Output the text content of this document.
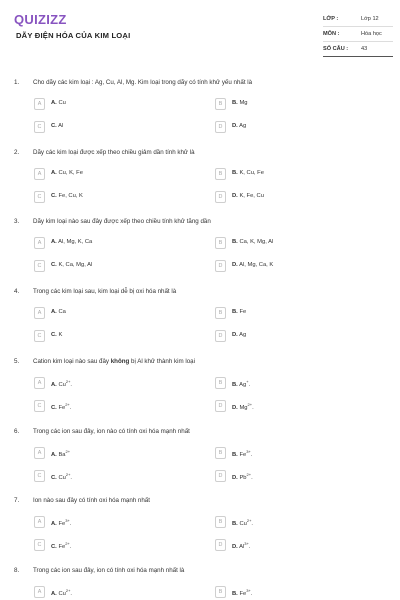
QUIZIZZ
DÃY ĐIỆN HÓA CỦA KIM LOẠI
LỚP :	Lớp 12
MÔN :	Hóa học
SỐ CÂU : 43
1. Cho dãy các kim loại : Ag, Cu, Al, Mg. Kim loại trong dãy có tính khử yếu nhất là
A	A. Cu	B	B. Mg
C	C. Al	D	D. Ag
2. Dãy các kim loại được xếp theo chiều giảm dần tính khử là
A	A. Cu, K, Fe	B	B. K, Cu, Fe
C	C. Fe, Cu, K	D	D. K, Fe, Cu
3. Dãy kim loại nào sau đây được xếp theo chiều tính khử tăng dần
A	A. Al, Mg, K, Ca	B	B. Ca, K, Mg, Al
C	C. K, Ca, Mg, Al	D	D. Al, Mg, Ca, K
4. Trong các kim loại sau, kim loại dễ bị oxi hóa nhất là
A	A. Ca	B	B. Fe
C	C. K	D	D. Ag
5. Cation kim loại nào sau đây không bị Al khử thành kim loại
A	A. $Cu^{2+}$.	B	B. Ag+.
C	C. $Fe^{2+}$.	D	D. $Mg^{2+}$.
6. Trong các ion sau đây, ion nào có tính oxi hóa mạnh nhất
A	A. $Ba^{2+}$	B	B. $Fe^{3+}$.
C	C. $Cu^{2+}$.	D	D. $Pb^{2+}$.
7. Ion nào sau đây có tính oxi hóa mạnh nhất
A	A. $Fe^{3+}$.	B	B. $Cu^{2+}$.
C	C. $Fe^{2+}$.	D	D. $Al^{3+}$.
8. Trong các ion sau đây, ion có tính oxi hóa mạnh nhất là
A	A. $Cu^{2+}$.	B	B. $Fe^{3+}$.
